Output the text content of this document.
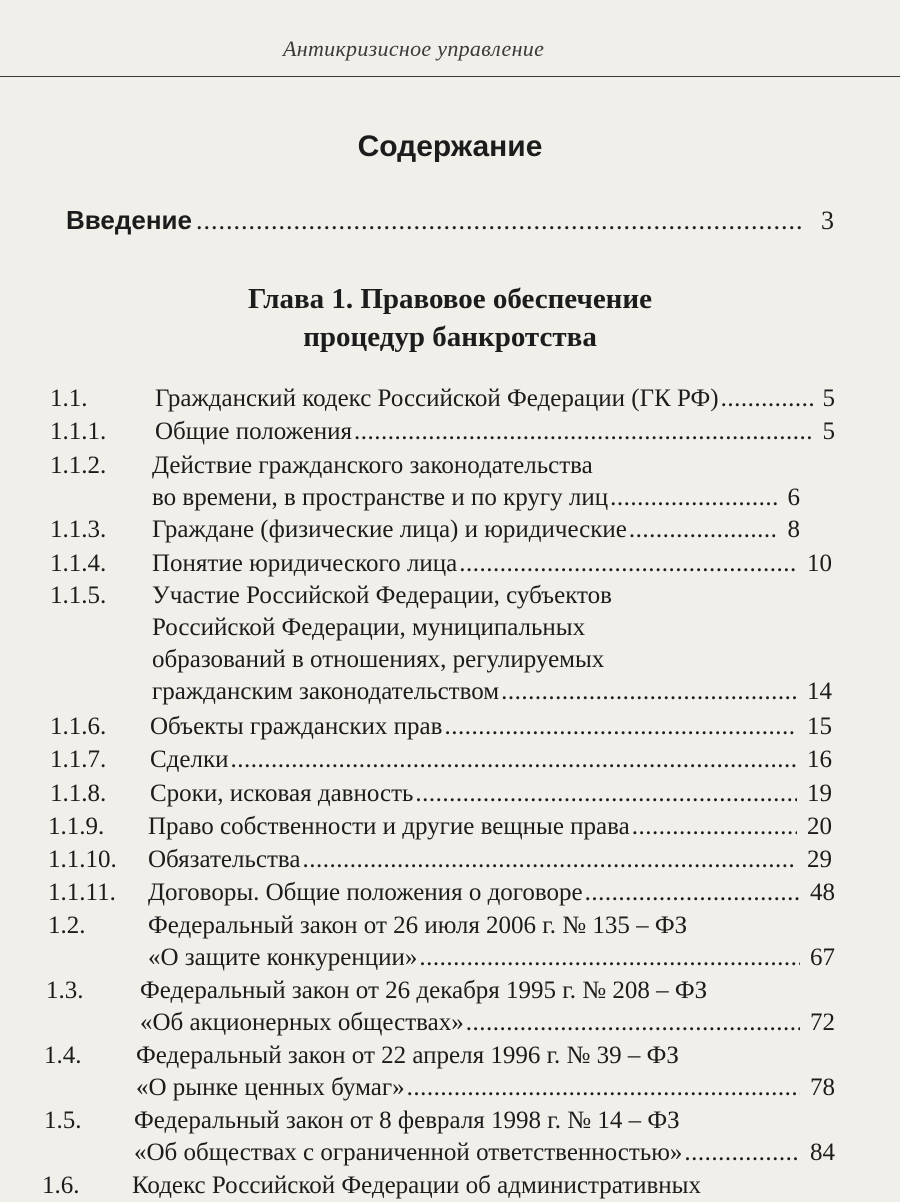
Антикризисное управление
Содержание
Введение .....	3
Глава 1. Правовое обеспечение
процедур банкротства
1.1.	Гражданский кодекс Российской Федерации (ГК РФ) .....	5
1.1.1. Общие положения .....	5
1.1.2. Действие гражданского законодательства
во времени, в пространстве и по кругу лиц .....	6
1.1.3. Граждане (физические лица) и юридические .....	8
1.1.4. Понятие юридического лица .....	10
1.1.5. Участие Российской Федерации, субъектов
Российской Федерации, муниципальных
образований в отношениях, регулируемых
гражданским законодательством .....	14
1.1.6. Объекты гражданских прав .....	15
1.1.7. Сделки .....	16
1.1.8. Сроки, исковая давность .....	19
1.1.9. Право собственности и другие вещные права .....	20
1.1.10. Обязательства .....	29
1.1.11. Договоры. Общие положения о договоре .....	48
1.2.	Федеральный закон от 26 июля 2006 г. № 135 – ФЗ
«О защите конкуренции» .....	67
1.3. Федеральный закон от 26 декабря 1995 г. № 208 – ФЗ
«Об акционерных обществах» .....	72
1.4. Федеральный закон от 22 апреля 1996 г. № 39 – ФЗ
«О рынке ценных бумаг» .....	78
1.5. Федеральный закон от 8 февраля 1998 г. № 14 – ФЗ
«Об обществах с ограниченной ответственностью» .....	84
1.6. Кодекс Российской Федерации об административных
